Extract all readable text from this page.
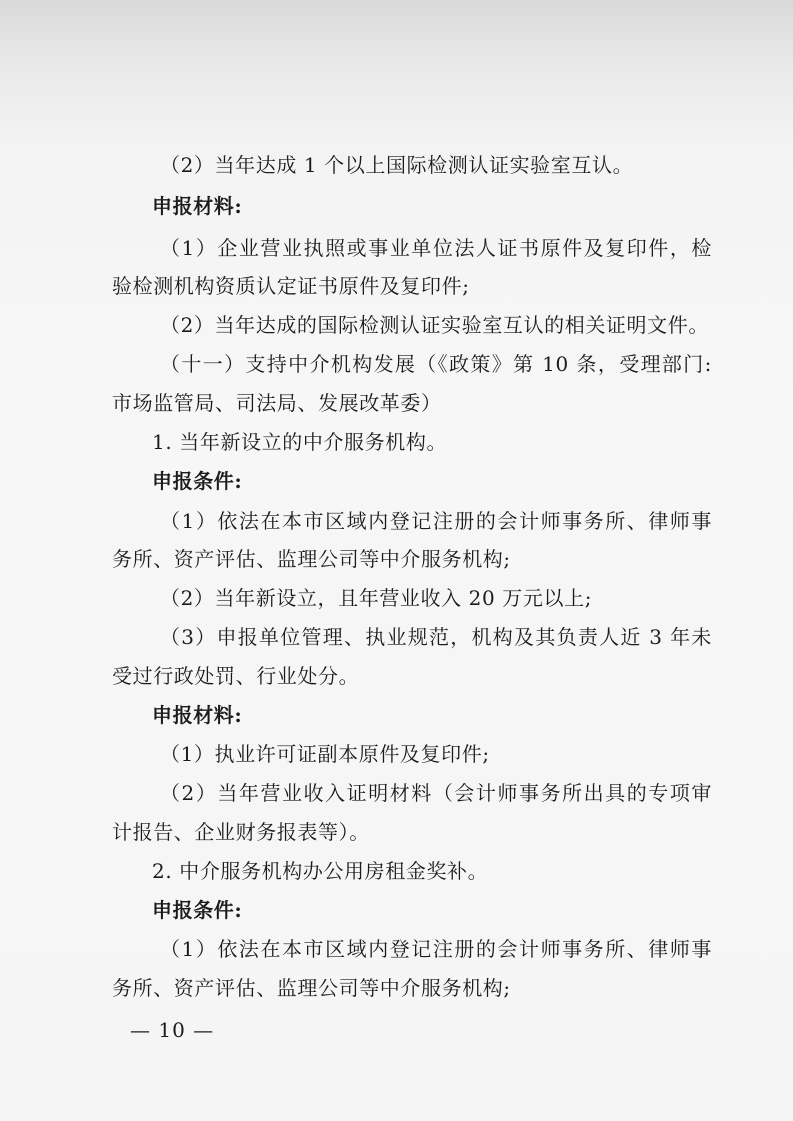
（2）当年达成 1 个以上国际检测认证实验室互认。
申报材料:
（1）企业营业执照或事业单位法人证书原件及复印件，检
验检测机构资质认定证书原件及复印件;
（2）当年达成的国际检测认证实验室互认的相关证明文件。
（十一）支持中介机构发展（《政策》第 10 条，受理部门:
市场监管局、司法局、发展改革委）
1. 当年新设立的中介服务机构。
申报条件:
（1）依法在本市区域内登记注册的会计师事务所、律师事
务所、资产评估、监理公司等中介服务机构;
（2）当年新设立，且年营业收入 20 万元以上;
（3）申报单位管理、执业规范，机构及其负责人近 3 年未
受过行政处罚、行业处分。
申报材料:
（1）执业许可证副本原件及复印件;
（2）当年营业收入证明材料（会计师事务所出具的专项审
计报告、企业财务报表等）。
2. 中介服务机构办公用房租金奖补。
申报条件:
（1）依法在本市区域内登记注册的会计师事务所、律师事
务所、资产评估、监理公司等中介服务机构;
— 10 —
